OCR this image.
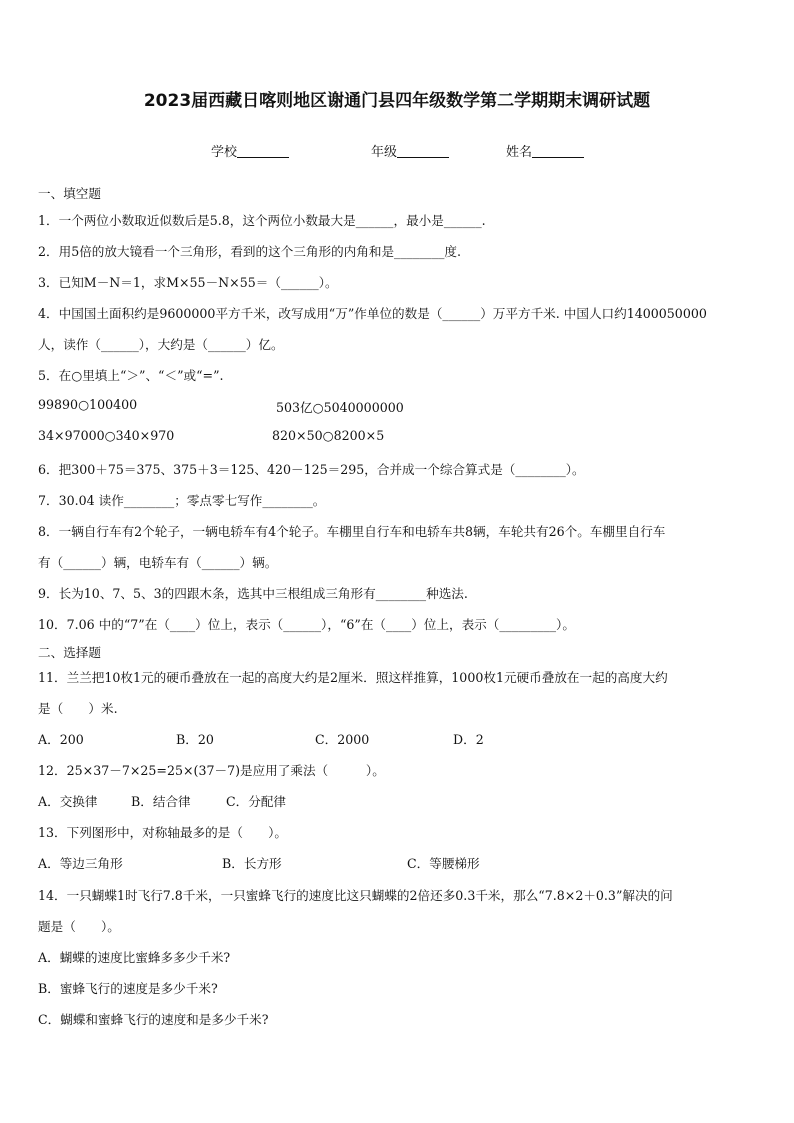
2023届西藏日喀则地区谢通门县四年级数学第二学期期末调研试题
学校	年级	姓名
一、填空题
1．一个两位小数取近似数后是5.8，这个两位小数最大是______，最小是______.
2．用5倍的放大镜看一个三角形，看到的这个三角形的内角和是________度.
3．已知M－N＝1，求M×55－N×55＝（______）。
4．中国国土面积约是9600000平方千米，改写成用“万”作单位的数是（______）万平方千米. 中国人口约1400050000
人，读作（______），大约是（______）亿。
5．在○里填上“＞”、“＜”或“=”.
99890○100400	503亿○5040000000
34×97000○340×970	820×50○8200×5
6．把300＋75＝375、375＋3＝125、420－125＝295，合并成一个综合算式是（________）。
7．30.04 读作________；零点零七写作________。
8．一辆自行车有2个轮子，一辆电轿车有4个轮子。车棚里自行车和电轿车共8辆，车轮共有26个。车棚里自行车
有（______）辆，电轿车有（______）辆。
9．长为10、7、5、3的四跟木条，选其中三根组成三角形有________种选法.
10．7.06 中的“7”在（____）位上，表示（______），“6”在（____）位上，表示（_________）。
二、选择题
11．兰兰把10枚1元的硬币叠放在一起的高度大约是2厘米．照这样推算，1000枚1元硬币叠放在一起的高度大约
是（　　）米.
A．200	B．20	C．2000	D．2
12．25×37－7×25=25×(37－7)是应用了乘法（　　　）。
A．交换律	B．结合律	C．分配律
13．下列图形中，对称轴最多的是（　　）。
A．等边三角形	B．长方形	C．等腰梯形
14．一只蝴蝶1时飞行7.8千米，一只蜜蜂飞行的速度比这只蝴蝶的2倍还多0.3千米，那么“7.8×2＋0.3”解决的问
题是（　　）。
A．蝴蝶的速度比蜜蜂多多少千米?
B．蜜蜂飞行的速度是多少千米?
C．蝴蝶和蜜蜂飞行的速度和是多少千米?
